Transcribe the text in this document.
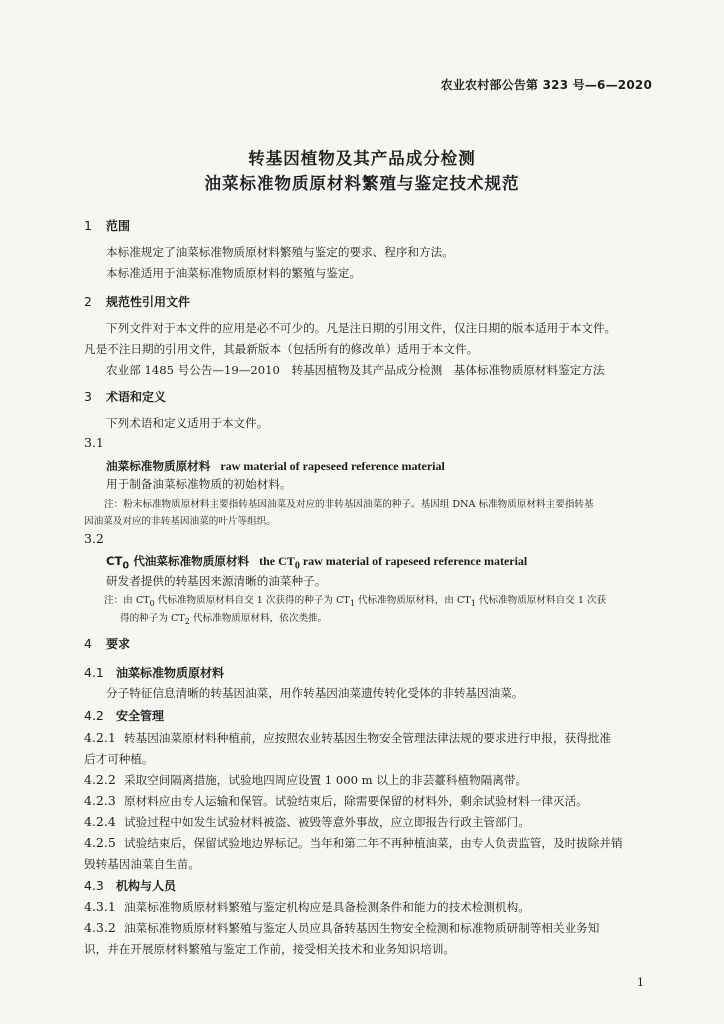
农业农村部公告第 323 号—6—2020
转基因植物及其产品成分检测
油菜标准物质原材料繁殖与鉴定技术规范
1 范围
本标准规定了油菜标准物质原材料繁殖与鉴定的要求、程序和方法。
本标准适用于油菜标准物质原材料的繁殖与鉴定。
2 规范性引用文件
下列文件对于本文件的应用是必不可少的。凡是注日期的引用文件，仅注日期的版本适用于本文件。
凡是不注日期的引用文件，其最新版本（包括所有的修改单）适用于本文件。
农业部 1485 号公告—19—2010　转基因植物及其产品成分检测　基体标准物质原材料鉴定方法
3 术语和定义
下列术语和定义适用于本文件。
3.1
油菜标准物质原材料 raw material of rapeseed reference material
用于制备油菜标准物质的初始材料。
注：粉末标准物质原材料主要指转基因油菜及对应的非转基因油菜的种子。基因组 DNA 标准物质原材料主要指转基
因油菜及对应的非转基因油菜的叶片等组织。
3.2
$CT_0$ 代油菜标准物质原材料 the $CT_0$ raw material of rapeseed reference material
研发者提供的转基因来源清晰的油菜种子。
注：由 $CT_0$ 代标准物质原材料自交 1 次获得的种子为 $CT_1$ 代标准物质原材料，由 $CT_1$ 代标准物质原材料自交 1 次获
得的种子为 $CT_2$ 代标准物质原材料，依次类推。
4 要求
4.1 油菜标准物质原材料
分子特征信息清晰的转基因油菜，用作转基因油菜遗传转化受体的非转基因油菜。
4.2 安全管理
4.2.1 转基因油菜原材料种植前，应按照农业转基因生物安全管理法律法规的要求进行申报，获得批准
后才可种植。
4.2.2 采取空间隔离措施，试验地四周应设置 1 000 m 以上的非芸薹科植物隔离带。
4.2.3 原材料应由专人运输和保管。试验结束后，除需要保留的材料外，剩余试验材料一律灭活。
4.2.4 试验过程中如发生试验材料被盗、被毁等意外事故，应立即报告行政主管部门。
4.2.5 试验结束后，保留试验地边界标记。当年和第二年不再种植油菜，由专人负责监管，及时拔除并销
毁转基因油菜自生苗。
4.3 机构与人员
4.3.1 油菜标准物质原材料繁殖与鉴定机构应是具备检测条件和能力的技术检测机构。
4.3.2 油菜标准物质原材料繁殖与鉴定人员应具备转基因生物安全检测和标准物质研制等相关业务知
识，并在开展原材料繁殖与鉴定工作前，接受相关技术和业务知识培训。
1
